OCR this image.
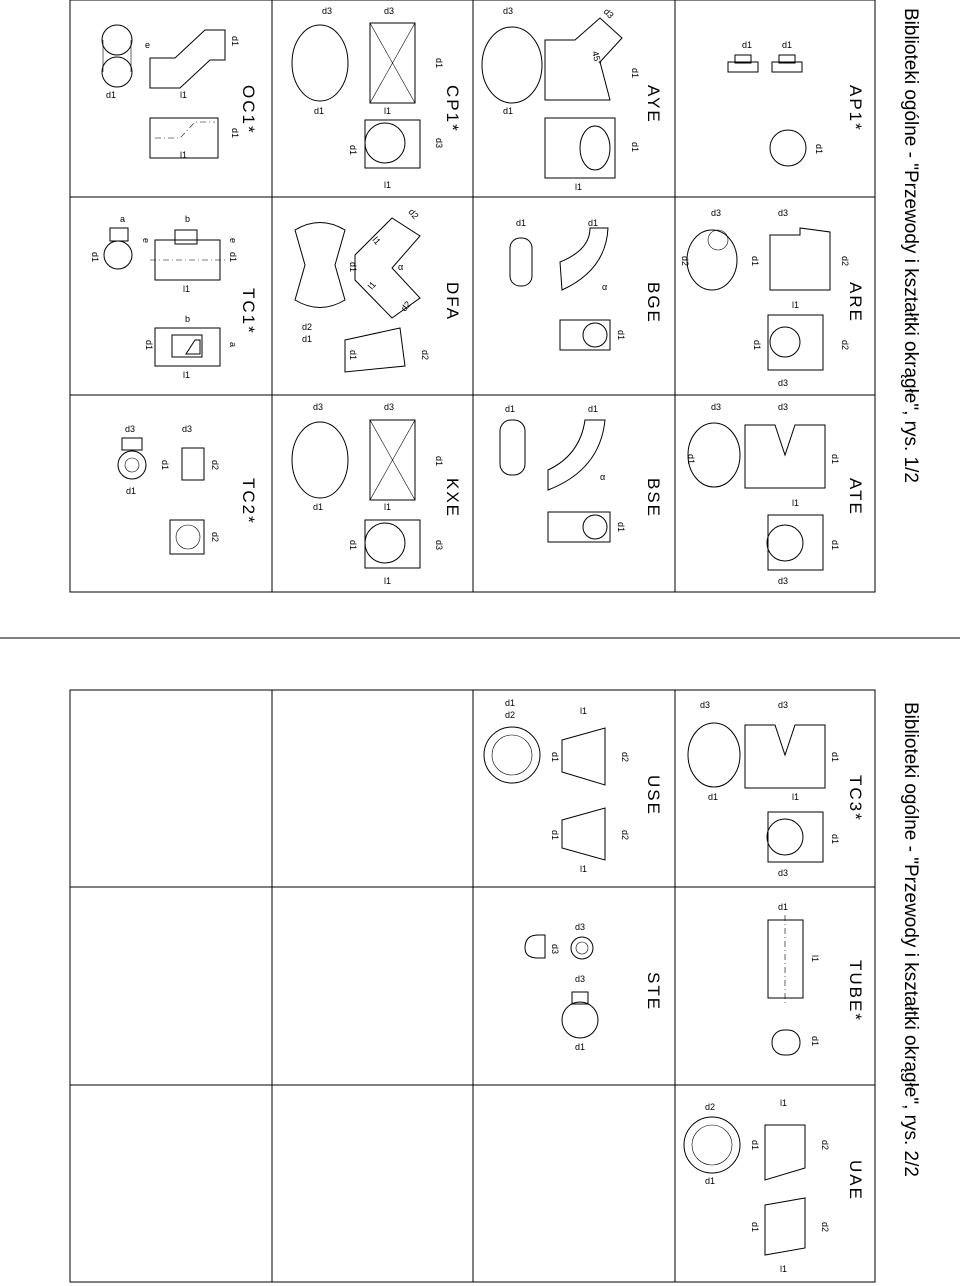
Biblioteki ogólne - "Przewody i kształtki okrągłe", rys. 1/2
OC1*
TC1*
TC2*
CP1*
DFA
KXE
AYE
BGE
BSE
AP1*
ARE
ATE
d1	l1
l1
e	d1
d1
a	b
b
l1
l1
e	e
d1	d1
d1	a
d3	d3
d1
d1	d2
d2
d3	d3
d1	l1
l1
d1
d1
d3
d2
d1
α
l1
l1
d2
d2
d1
d1	d2
d3	d3
d1	l1
l1
d1
d1	d3
d3	d3
45°
d1
l1
d1
d1
d1	d1
α
d1
d1	d1
α
d1
d1	d1
d1
d3	d3
d2	d1	d2
l1
d1	d2
d3
d3	d3
d1	d1
l1
d1
d3
Biblioteki ogólne - "Przewody i kształtki okrągłe", rys. 2/2
USE
STE
TC3*
TUBE*
UAE
d1
d2	l1
d1	d2
d1	d2
l1
d3
d3
d3
d1
d3	d3
d1	l1
d1
d1
d3
d1
l1
d1
d2
d1
l1
d1	d2
d1	d2
l1
